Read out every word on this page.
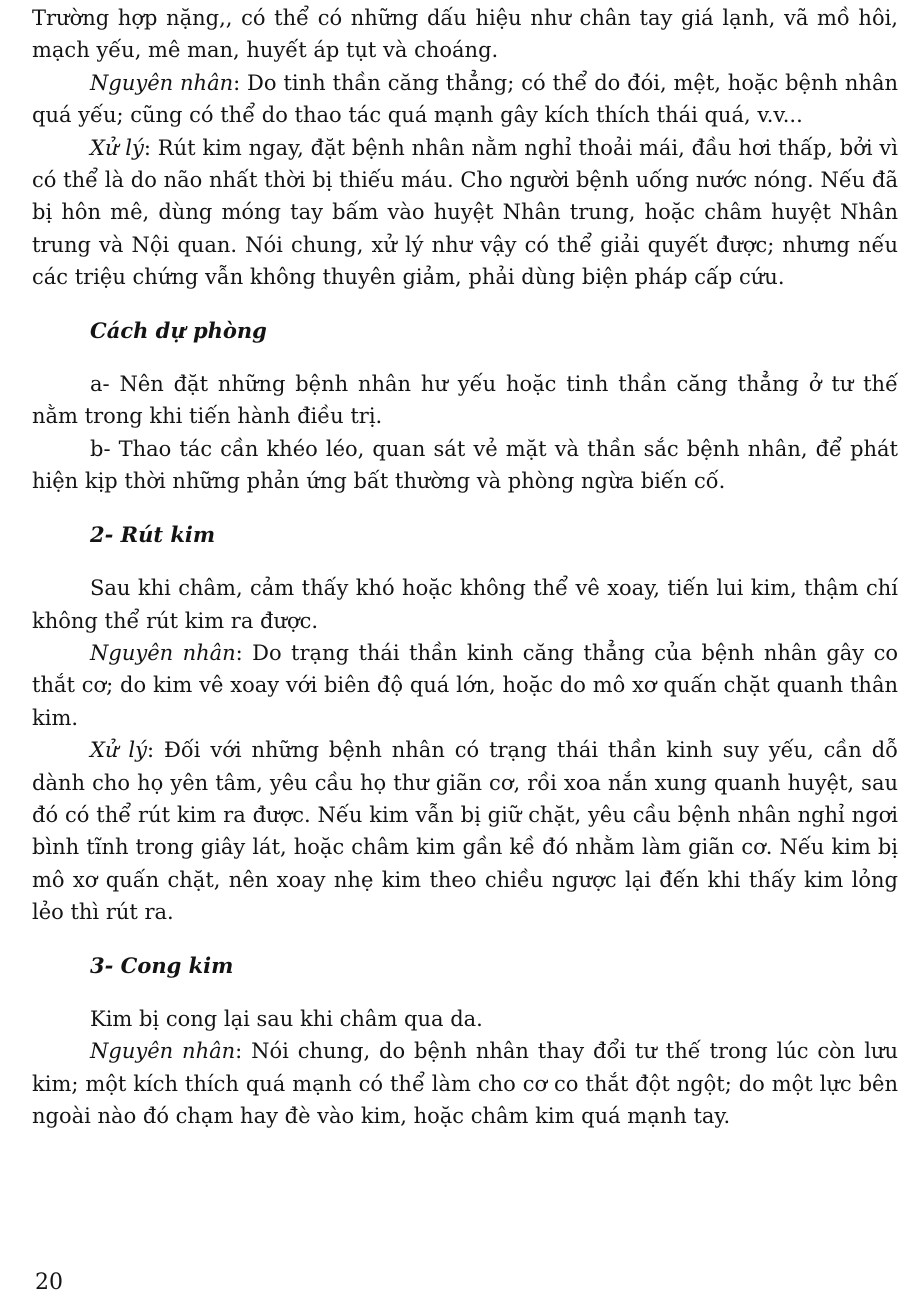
Trường hợp nặng,, có thể có những dấu hiệu như chân tay giá lạnh, vã mồ hôi, mạch yếu, mê man, huyết áp tụt và choáng.

Nguyên nhân: Do tinh thần căng thẳng; có thể do đói, mệt, hoặc bệnh nhân quá yếu; cũng có thể do thao tác quá mạnh gây kích thích thái quá, v.v...

Xử lý: Rút kim ngay, đặt bệnh nhân nằm nghỉ thoải mái, đầu hơi thấp, bởi vì có thể là do não nhất thời bị thiếu máu. Cho người bệnh uống nước nóng. Nếu đã bị hôn mê, dùng móng tay bấm vào huyệt Nhân trung, hoặc châm huyệt Nhân trung và Nội quan. Nói chung, xử lý như vậy có thể giải quyết được; nhưng nếu các triệu chứng vẫn không thuyên giảm, phải dùng biện pháp cấp cứu.

Cách dự phòng

a- Nên đặt những bệnh nhân hư yếu hoặc tinh thần căng thẳng ở tư thế nằm trong khi tiến hành điều trị.

b- Thao tác cần khéo léo, quan sát vẻ mặt và thần sắc bệnh nhân, để phát hiện kịp thời những phản ứng bất thường và phòng ngừa biến cố.

2- Rút kim

Sau khi châm, cảm thấy khó hoặc không thể vê xoay, tiến lui kim, thậm chí không thể rút kim ra được.

Nguyên nhân: Do trạng thái thần kinh căng thẳng của bệnh nhân gây co thắt cơ; do kim vê xoay với biên độ quá lớn, hoặc do mô xơ quấn chặt quanh thân kim.

Xử lý: Đối với những bệnh nhân có trạng thái thần kinh suy yếu, cần dỗ dành cho họ yên tâm, yêu cầu họ thư giãn cơ, rồi xoa nắn xung quanh huyệt, sau đó có thể rút kim ra được. Nếu kim vẫn bị giữ chặt, yêu cầu bệnh nhân nghỉ ngơi bình tĩnh trong giây lát, hoặc châm kim gần kề đó nhằm làm giãn cơ. Nếu kim bị mô xơ quấn chặt, nên xoay nhẹ kim theo chiều ngược lại đến khi thấy kim lỏng lẻo thì rút ra.

3- Cong kim

Kim bị cong lại sau khi châm qua da.

Nguyên nhân: Nói chung, do bệnh nhân thay đổi tư thế trong lúc còn lưu kim; một kích thích quá mạnh có thể làm cho cơ co thắt đột ngột; do một lực bên ngoài nào đó chạm hay đè vào kim, hoặc châm kim quá mạnh tay.

20
